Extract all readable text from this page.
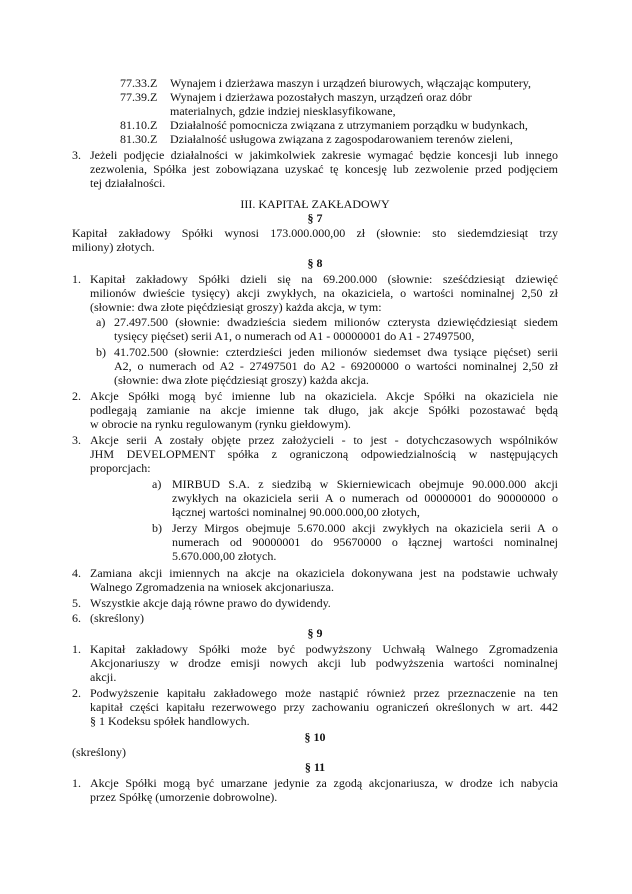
77.33.Z Wynajem i dzierżawa maszyn i urządzeń biurowych, włączając komputery,
77.39.Z Wynajem i dzierżawa pozostałych maszyn, urządzeń oraz dóbr
materialnych, gdzie indziej niesklasyfikowane,
81.10.Z Działalność pomocnicza związana z utrzymaniem porządku w budynkach,
81.30.Z Działalność usługowa związana z zagospodarowaniem terenów zieleni,
3. Jeżeli podjęcie działalności w jakimkolwiek zakresie wymagać będzie koncesji lub innego
zezwolenia, Spółka jest zobowiązana uzyskać tę koncesję lub zezwolenie przed podjęciem
tej działalności.
III. KAPITAŁ ZAKŁADOWY
§ 7
Kapitał zakładowy Spółki wynosi 173.000.000,00 zł (słownie: sto siedemdziesiąt trzy
miliony) złotych.
§ 8
1. Kapitał zakładowy Spółki dzieli się na 69.200.000 (słownie: sześćdziesiąt dziewięć
milionów dwieście tysięcy) akcji zwykłych, na okaziciela, o wartości nominalnej 2,50 zł
(słownie: dwa złote pięćdziesiąt groszy) każda akcja, w tym:
a) 27.497.500 (słownie: dwadzieścia siedem milionów czterysta dziewięćdziesiąt siedem
tysięcy pięćset) serii A1, o numerach od A1 - 00000001 do A1 - 27497500,
b) 41.702.500 (słownie: czterdzieści jeden milionów siedemset dwa tysiące pięćset) serii
A2, o numerach od A2 - 27497501 do A2 - 69200000 o wartości nominalnej 2,50 zł
(słownie: dwa złote pięćdziesiąt groszy) każda akcja.
2. Akcje Spółki mogą być imienne lub na okaziciela. Akcje Spółki na okaziciela nie
podlegają zamianie na akcje imienne tak długo, jak akcje Spółki pozostawać będą
w obrocie na rynku regulowanym (rynku giełdowym).
3. Akcje serii A zostały objęte przez założycieli - to jest - dotychczasowych wspólników
JHM DEVELOPMENT spółka z ograniczoną odpowiedzialnością w następujących
proporcjach:
a) MIRBUD S.A. z siedzibą w Skierniewicach obejmuje 90.000.000 akcji
zwykłych na okaziciela serii A o numerach od 00000001 do 90000000 o
łącznej wartości nominalnej 90.000.000,00 złotych,
b) Jerzy Mirgos obejmuje 5.670.000 akcji zwykłych na okaziciela serii A o
numerach od 90000001 do 95670000 o łącznej wartości nominalnej
5.670.000,00 złotych.
4. Zamiana akcji imiennych na akcje na okaziciela dokonywana jest na podstawie uchwały
Walnego Zgromadzenia na wniosek akcjonariusza.
5. Wszystkie akcje dają równe prawo do dywidendy.
6. (skreślony)
§ 9
1. Kapitał zakładowy Spółki może być podwyższony Uchwałą Walnego Zgromadzenia
Akcjonariuszy w drodze emisji nowych akcji lub podwyższenia wartości nominalnej
akcji.
2. Podwyższenie kapitału zakładowego może nastąpić również przez przeznaczenie na ten
kapitał części kapitału rezerwowego przy zachowaniu ograniczeń określonych w art. 442
§ 1 Kodeksu spółek handlowych.
§ 10
(skreślony)
§ 11
1. Akcje Spółki mogą być umarzane jedynie za zgodą akcjonariusza, w drodze ich nabycia
przez Spółkę (umorzenie dobrowolne).
